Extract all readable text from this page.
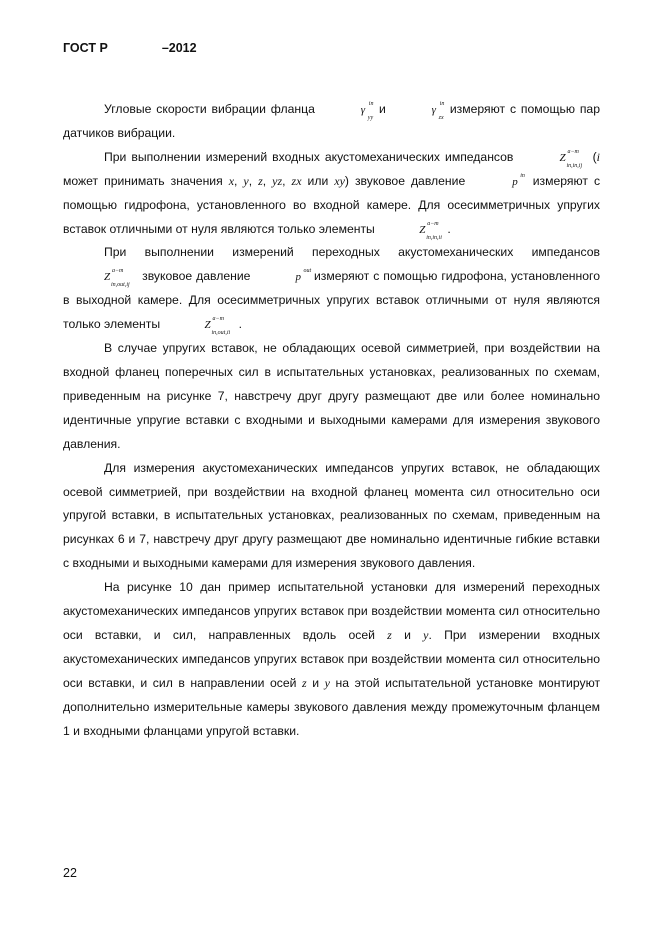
ГОСТ Р	–2012

Угловые скорости вибрации фланца	γ in
yy
и	γ in
zx
измеряют с помощью пар датчиков вибрации.

При выполнении измерений входных акустомеханических импедансов	Z a−m
in,in,ij
(i может принимать значения x, y, z, yz, zx или xy) звуковое давление	p in измеряют с помощью гидрофона, установленного во входной камере. Для осесимметричных упругих вставок отличными от нуля являются только элементы	Z a−m
in,in,ii
.

При выполнении измерений переходных акустомеханических импедансов Z a−m
in,out,ij
звуковое давление	p out измеряют с помощью гидрофона, установленного в выходной камере. Для осесимметричных упругих вставок отличными от нуля являются только элементы	Z a−m
in,out,ii
.

В случае упругих вставок, не обладающих осевой симметрией, при воздействии на входной фланец поперечных сил в испытательных установках, реализованных по схемам, приведенным на рисунке 7, навстречу друг другу размещают две или более номинально идентичные упругие вставки с входными и выходными камерами для измерения звукового давления.

Для измерения акустомеханических импедансов упругих вставок, не обладающих осевой симметрией, при воздействии на входной фланец момента сил относительно оси упругой вставки, в испытательных установках, реализованных по схемам, приведенным на рисунках 6 и 7, навстречу друг другу размещают две номинально идентичные гибкие вставки с входными и выходными камерами для измерения звукового давления.

На рисунке 10 дан пример испытательной установки для измерений переходных акустомеханических импедансов упругих вставок при воздействии момента сил относительно оси вставки, и сил, направленных вдоль осей z и y. При измерении входных акустомеханических импедансов упругих вставок при воздействии момента сил относительно оси вставки, и сил в направлении осей z и y на этой испытательной установке монтируют дополнительно измерительные камеры звукового давления между промежуточным фланцем 1 и входными фланцами упругой вставки.

22
